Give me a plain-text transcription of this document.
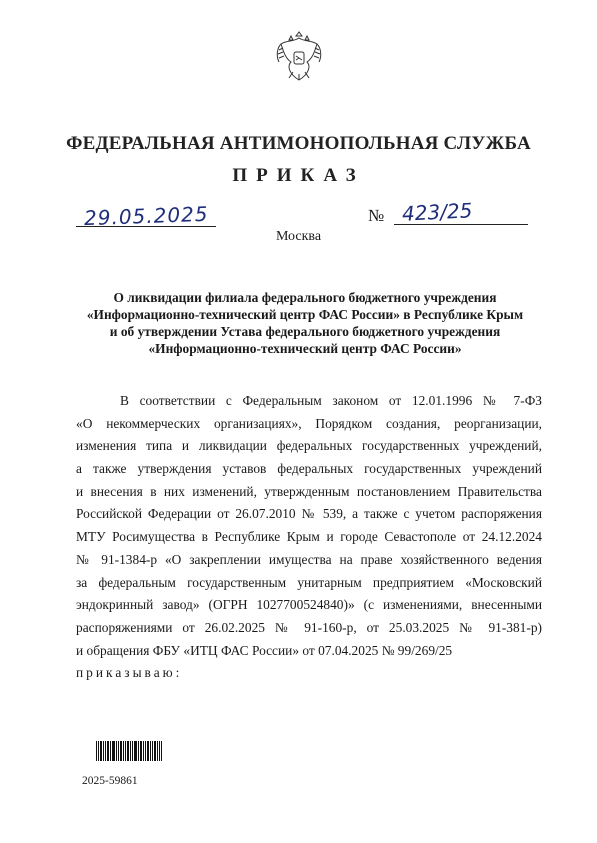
ФЕДЕРАЛЬНАЯ АНТИМОНОПОЛЬНАЯ СЛУЖБА
ПРИКАЗ
29.05.2025
Москва
№ 423/25
О ликвидации филиала федерального бюджетного учреждения
«Информационно-технический центр ФАС России» в Республике Крым
и об утверждении Устава федерального бюджетного учреждения
«Информационно-технический центр ФАС России»
В соответствии с Федеральным законом от 12.01.1996 № 7-ФЗ
«О некоммерческих организациях», Порядком создания, реорганизации,
изменения типа и ликвидации федеральных государственных учреждений,
а также утверждения уставов федеральных государственных учреждений
и внесения в них изменений, утвержденным постановлением Правительства
Российской Федерации от 26.07.2010 № 539, а также с учетом распоряжения
МТУ Росимущества в Республике Крым и городе Севастополе от 24.12.2024
№ 91-1384-р «О закреплении имущества на праве хозяйственного ведения
за федеральным государственным унитарным предприятием «Московский
эндокринный завод» (ОГРН 1027700524840)» (с изменениями, внесенными
распоряжениями от 26.02.2025 № 91-160-р, от 25.03.2025 № 91-381-р)
и обращения ФБУ «ИТЦ ФАС России» от 07.04.2025 № 99/269/25
приказываю:
2025-59861
